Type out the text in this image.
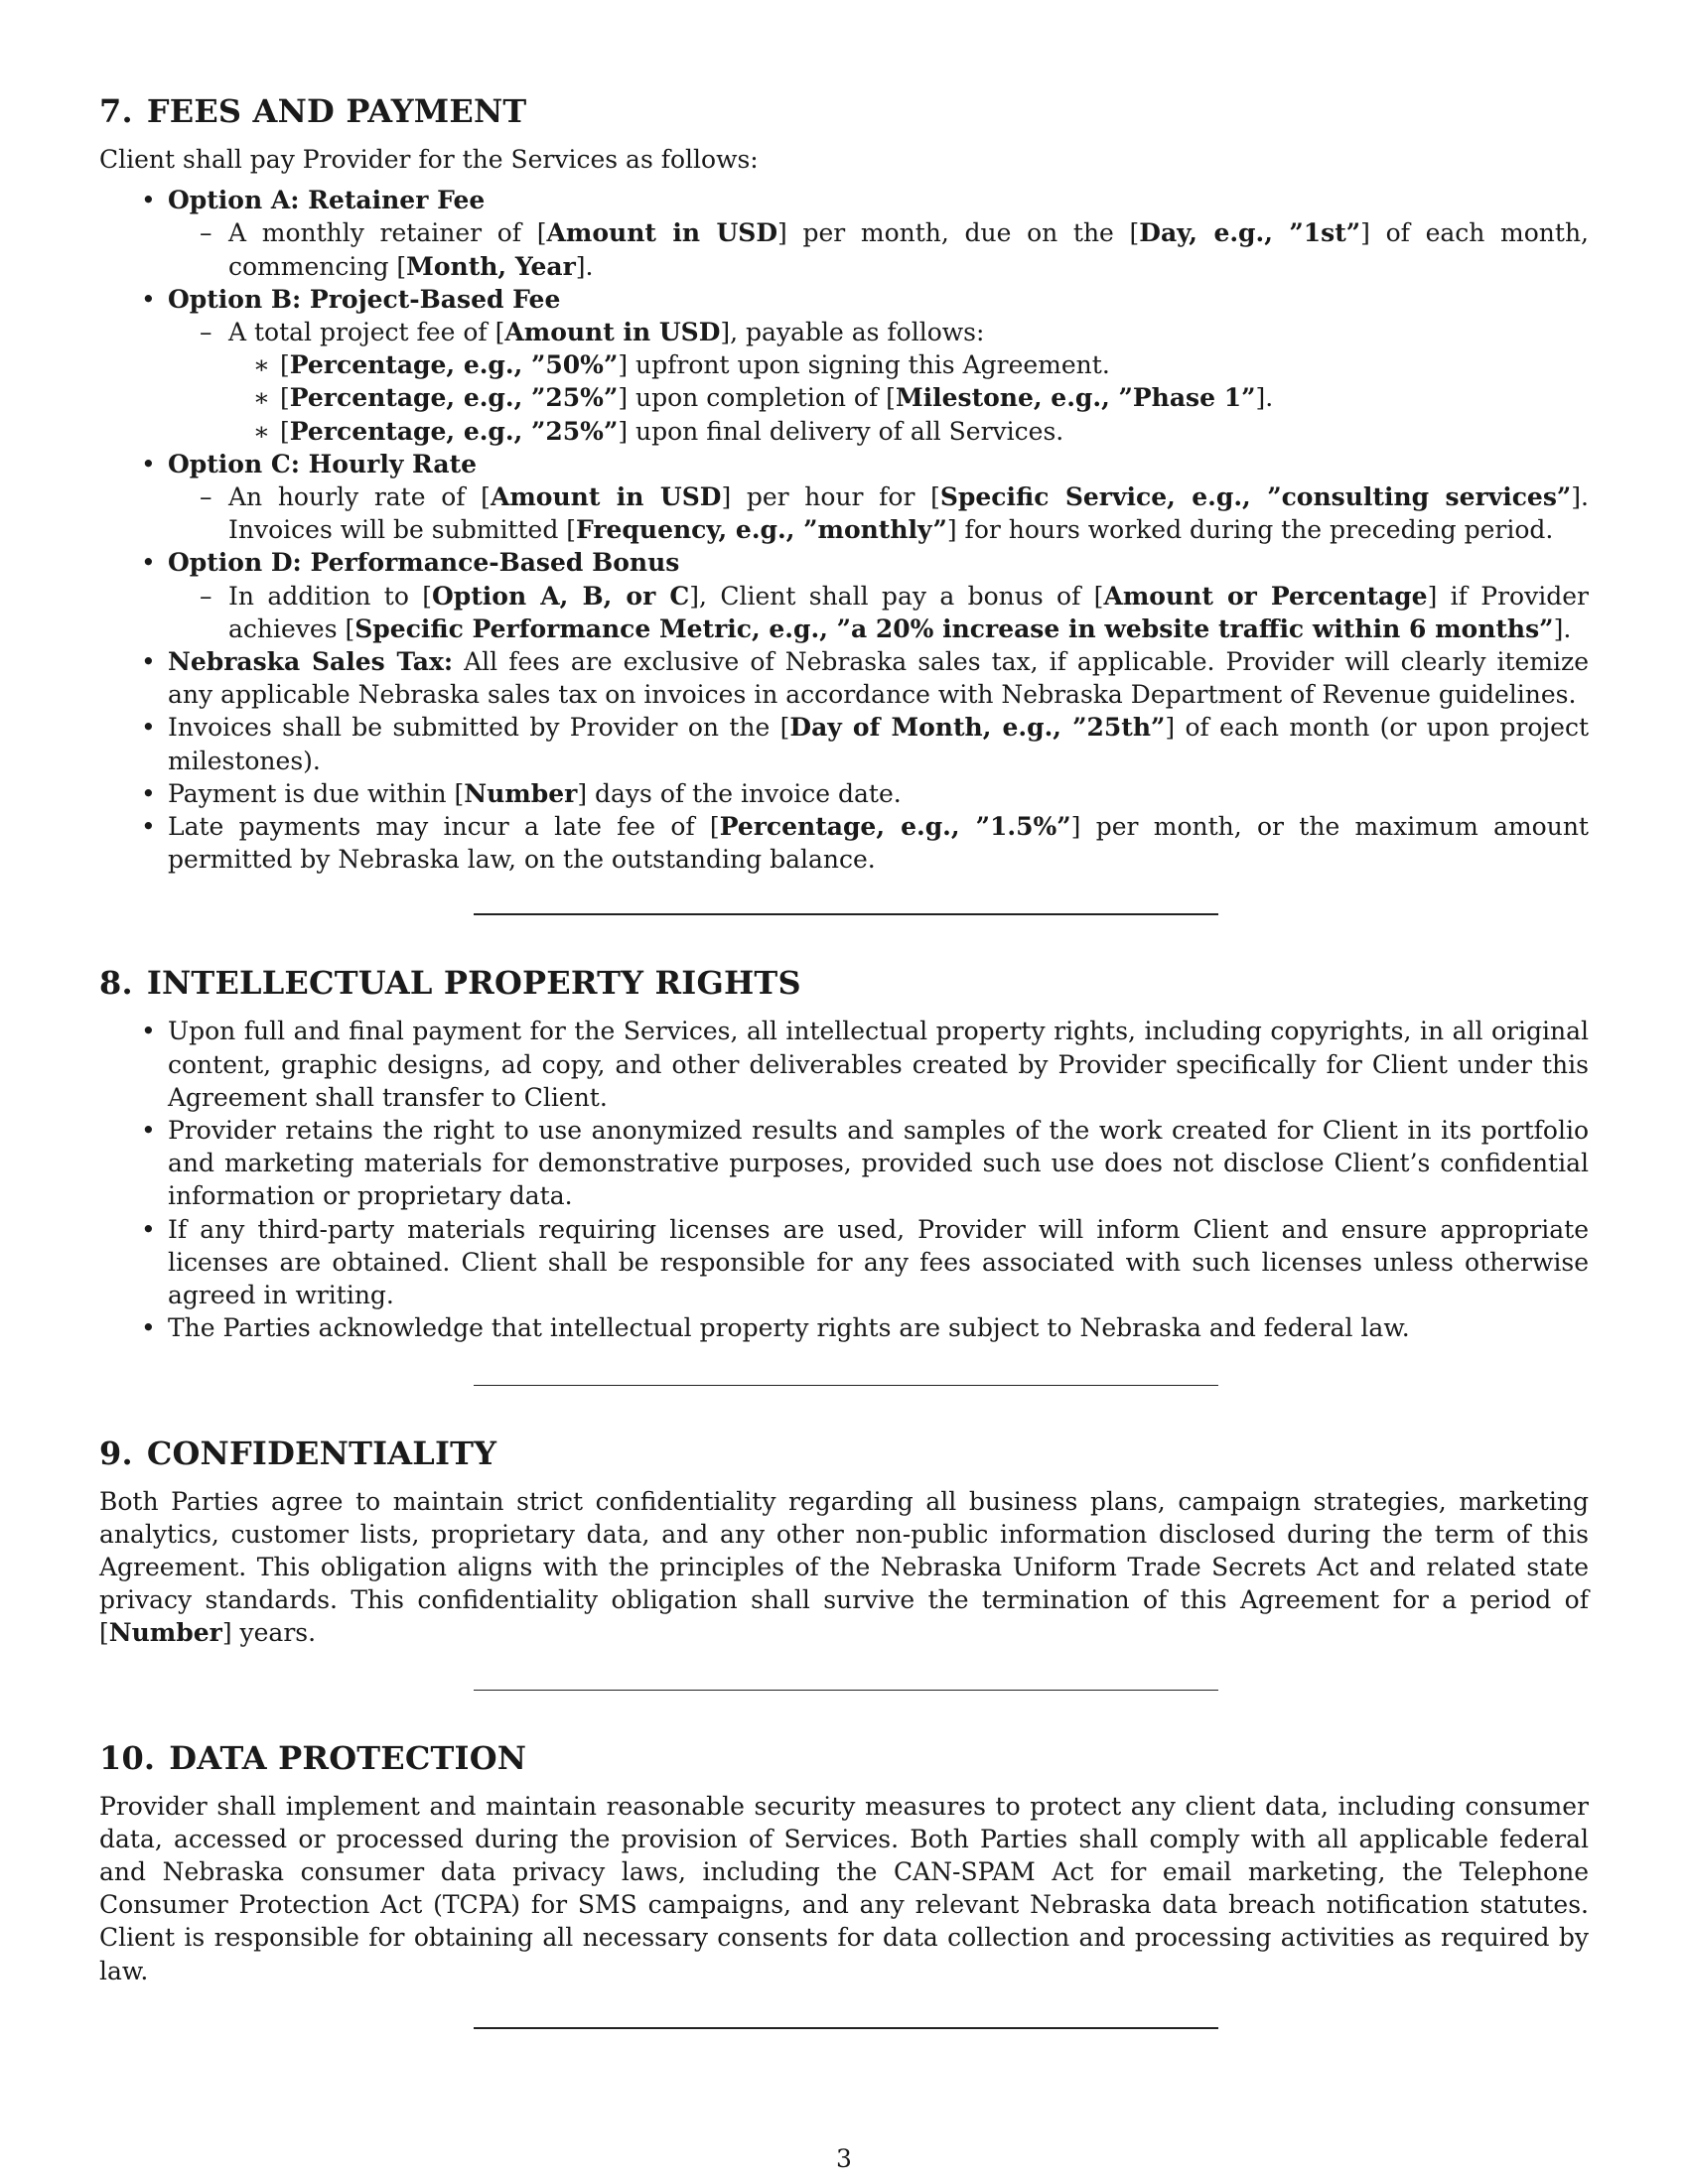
7. FEES AND PAYMENT

Client shall pay Provider for the Services as follows:

• Option A: Retainer Fee
– A monthly retainer of [Amount in USD] per month, due on the [Day, e.g., ”1st”] of each month, commencing [Month, Year].
• Option B: Project-Based Fee
– A total project fee of [Amount in USD], payable as follows:
∗ [Percentage, e.g., ”50%”] upfront upon signing this Agreement.
∗ [Percentage, e.g., ”25%”] upon completion of [Milestone, e.g., ”Phase 1”].
∗ [Percentage, e.g., ”25%”] upon final delivery of all Services.
• Option C: Hourly Rate
– An hourly rate of [Amount in USD] per hour for [Specific Service, e.g., ”consulting services”]. Invoices will be submitted [Frequency, e.g., ”monthly”] for hours worked during the preceding period.
• Option D: Performance-Based Bonus
– In addition to [Option A, B, or C], Client shall pay a bonus of [Amount or Percentage] if Provider achieves [Specific Performance Metric, e.g., ”a 20% increase in website traffic within 6 months”].
• Nebraska Sales Tax: All fees are exclusive of Nebraska sales tax, if applicable. Provider will clearly itemize any applicable Nebraska sales tax on invoices in accordance with Nebraska Department of Revenue guidelines.
• Invoices shall be submitted by Provider on the [Day of Month, e.g., ”25th”] of each month (or upon project milestones).
• Payment is due within [Number] days of the invoice date.
• Late payments may incur a late fee of [Percentage, e.g., ”1.5%”] per month, or the maximum amount permitted by Nebraska law, on the outstanding balance.
8. INTELLECTUAL PROPERTY RIGHTS
• Upon full and final payment for the Services, all intellectual property rights, including copyrights, in all original content, graphic designs, ad copy, and other deliverables created by Provider specifically for Client under this Agreement shall transfer to Client.
• Provider retains the right to use anonymized results and samples of the work created for Client in its portfolio and marketing materials for demonstrative purposes, provided such use does not disclose Client’s confidential information or proprietary data.
• If any third-party materials requiring licenses are used, Provider will inform Client and ensure appropriate licenses are obtained. Client shall be responsible for any fees associated with such licenses unless otherwise agreed in writing.
• The Parties acknowledge that intellectual property rights are subject to Nebraska and federal law.
9. CONFIDENTIALITY

Both Parties agree to maintain strict confidentiality regarding all business plans, campaign strategies, marketing analytics, customer lists, proprietary data, and any other non-public information disclosed during the term of this Agreement. This obligation aligns with the principles of the Nebraska Uniform Trade Secrets Act and related state privacy standards. This confidentiality obligation shall survive the termination of this Agreement for a period of [Number] years.

10. DATA PROTECTION

Provider shall implement and maintain reasonable security measures to protect any client data, including consumer data, accessed or processed during the provision of Services. Both Parties shall comply with all applicable federal and Nebraska consumer data privacy laws, including the CAN-SPAM Act for email marketing, the Telephone Consumer Protection Act (TCPA) for SMS campaigns, and any relevant Nebraska data breach notification statutes. Client is responsible for obtaining all necessary consents for data collection and processing activities as required by law.

3
